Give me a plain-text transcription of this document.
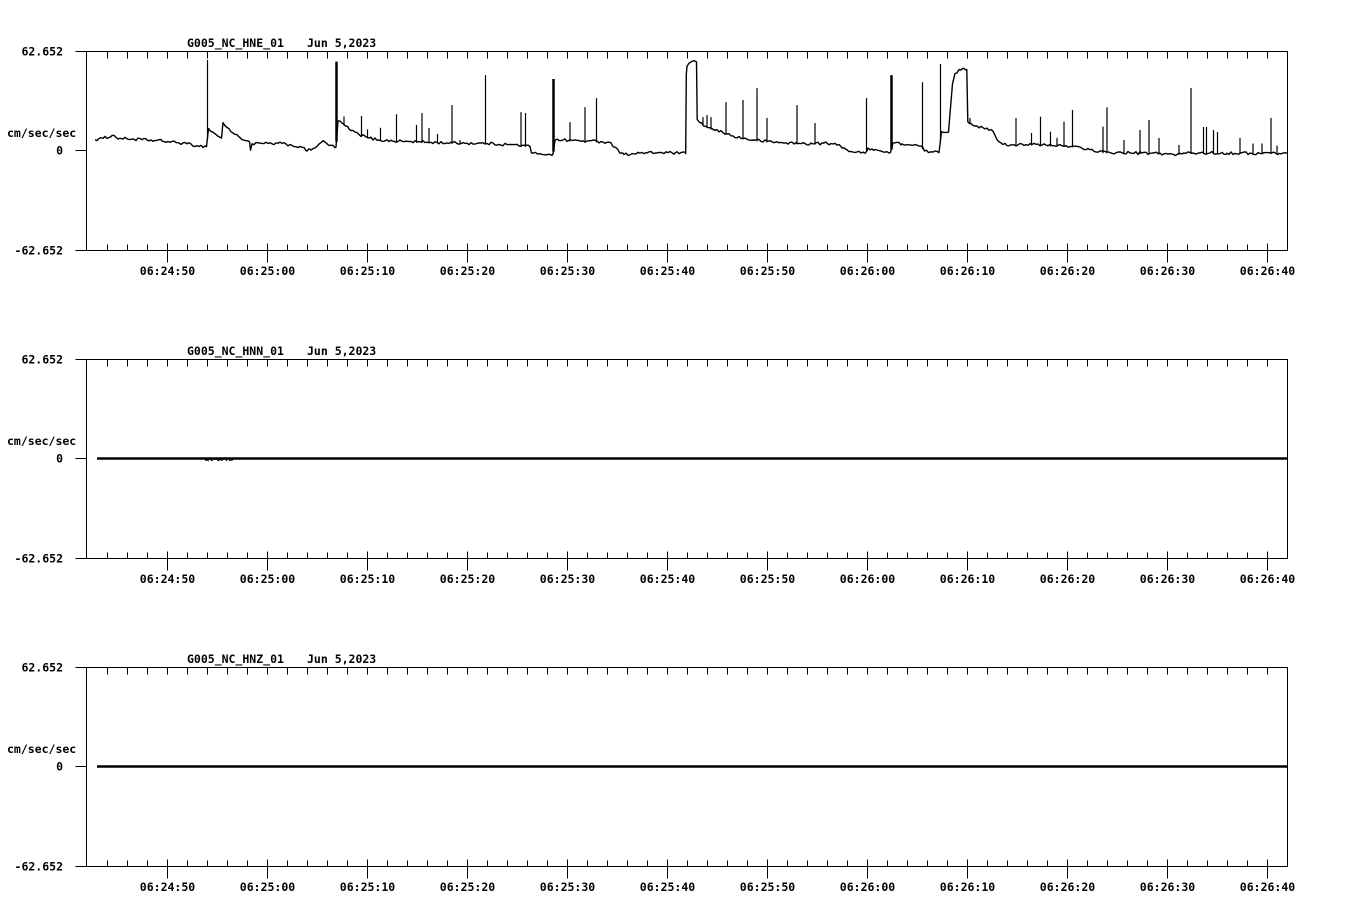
06:24:50	06:25:00	06:25:10	06:25:20	06:25:30	06:25:40	06:25:50	06:26:00	06:26:10	06:26:20	06:26:30	06:26:40
62.652
0
-62.652
cm/sec/sec
G005_NC_HNE_01 Jun 5,2023
06:24:50	06:25:00	06:25:10	06:25:20	06:25:30	06:25:40	06:25:50	06:26:00	06:26:10	06:26:20	06:26:30	06:26:40
62.652
0
-62.652
cm/sec/sec
G005_NC_HNN_01 Jun 5,2023
06:24:50	06:25:00	06:25:10	06:25:20	06:25:30	06:25:40	06:25:50	06:26:00	06:26:10	06:26:20	06:26:30	06:26:40
62.652
0
-62.652
cm/sec/sec
G005_NC_HNZ_01 Jun 5,2023
